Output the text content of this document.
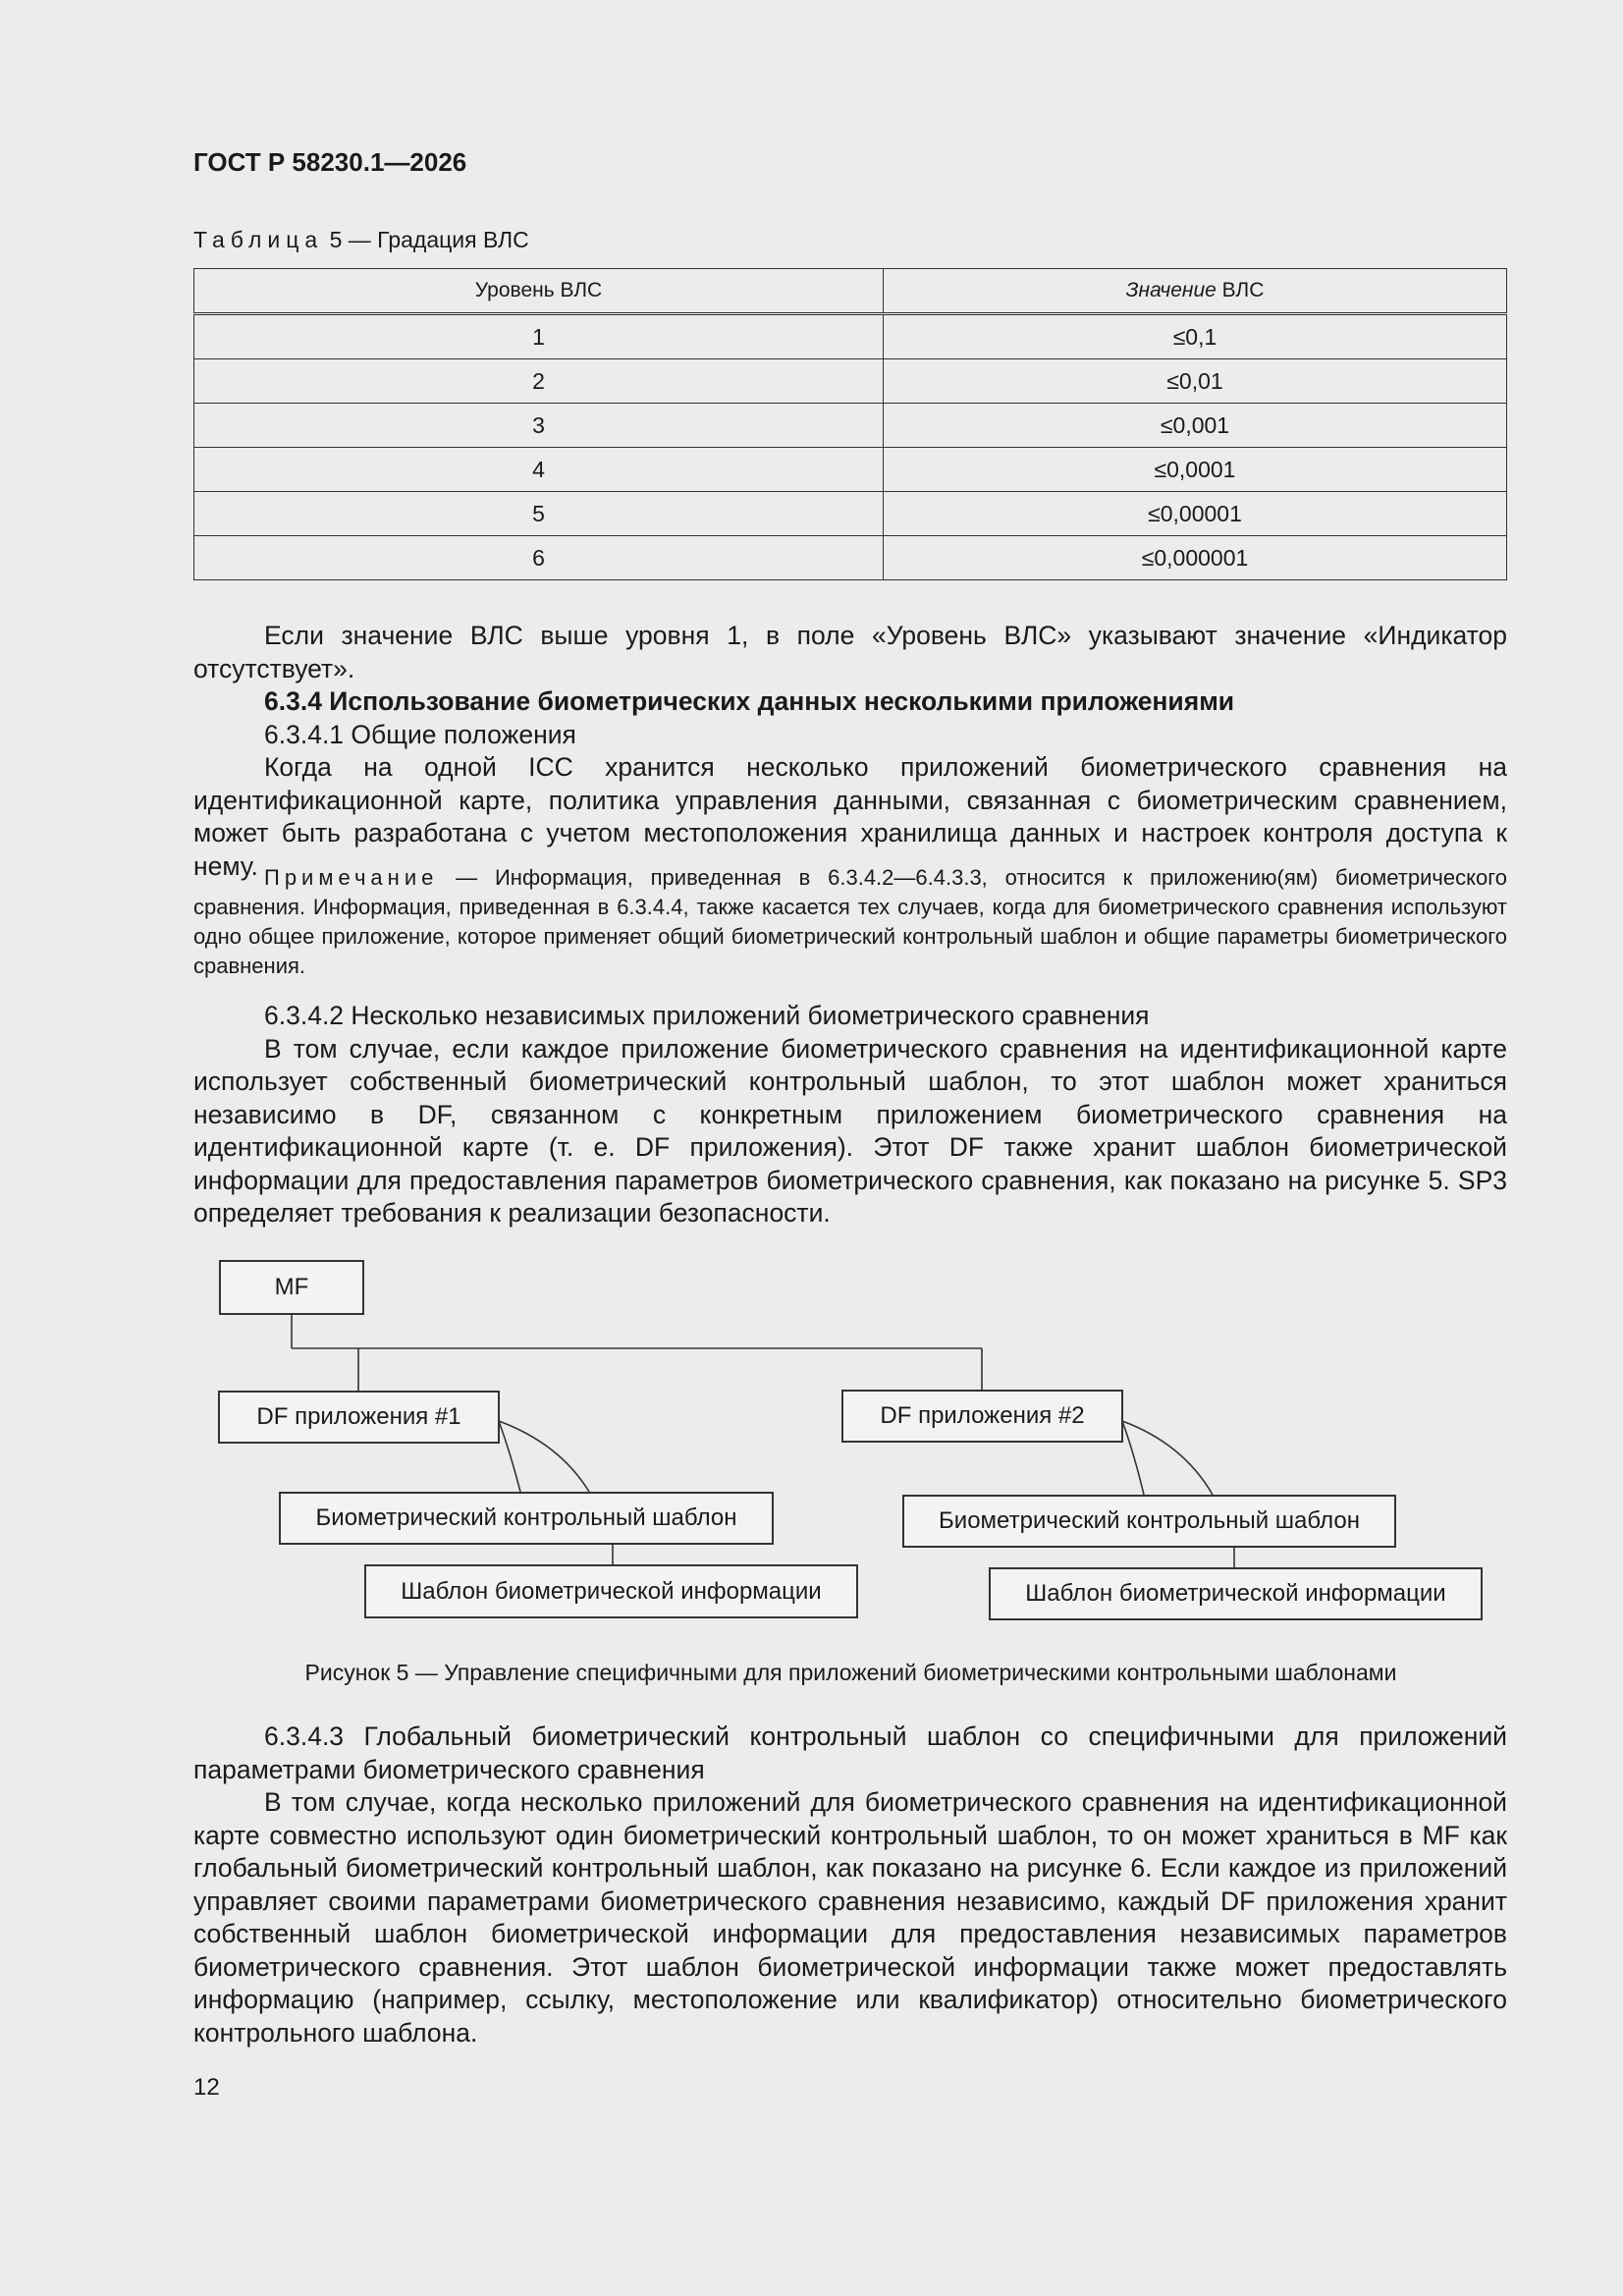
ГОСТ Р 58230.1—2026
Таблица 5 — Градация ВЛС
Уровень ВЛС	Значение ВЛС
1	≤0,1
2	≤0,01
3	≤0,001
4	≤0,0001
5	≤0,00001
6	≤0,000001

Если значение ВЛС выше уровня 1, в поле «Уровень ВЛС» указывают значение «Индикатор отсутствует».

6.3.4 Использование биометрических данных несколькими приложениями

6.3.4.1 Общие положения

Когда на одной ICC хранится несколько приложений биометрического сравнения на идентификационной карте, политика управления данными, связанная с биометрическим сравнением, может быть разработана с учетом местоположения хранилища данных и настроек контроля доступа к нему. Примечание — Информация, приведенная в 6.3.4.2—6.4.3.3, относится к приложению(ям) биометрического сравнения. Информация, приведенная в 6.3.4.4, также касается тех случаев, когда для биометрического сравнения используют одно общее приложение, которое применяет общий биометрический контрольный шаблон и общие параметры биометрического сравнения.

6.3.4.2 Несколько независимых приложений биометрического сравнения

В том случае, если каждое приложение биометрического сравнения на идентификационной карте использует собственный биометрический контрольный шаблон, то этот шаблон может храниться независимо в DF, связанном с конкретным приложением биометрического сравнения на идентификационной карте (т. е. DF приложения). Этот DF также хранит шаблон биометрической информации для предоставления параметров биометрического сравнения, как показано на рисунке 5. SP3 определяет требования к реализации безопасности.

MF
DF приложения #1	DF приложения #2
Биометрический контрольный шаблон
Шаблон биометрической информации
Биометрический контрольный шаблон
Шаблон биометрической информации
Рисунок 5 — Управление специфичными для приложений биометрическими контрольными шаблонами

6.3.4.3 Глобальный биометрический контрольный шаблон со специфичными для приложений параметрами биометрического сравнения

В том случае, когда несколько приложений для биометрического сравнения на идентификационной карте совместно используют один биометрический контрольный шаблон, то он может храниться в MF как глобальный биометрический контрольный шаблон, как показано на рисунке 6. Если каждое из приложений управляет своими параметрами биометрического сравнения независимо, каждый DF приложения хранит собственный шаблон биометрической информации для предоставления независимых параметров биометрического сравнения. Этот шаблон биометрической информации также может предоставлять информацию (например, ссылку, местоположение или квалификатор) относительно биометрического контрольного шаблона.

12
